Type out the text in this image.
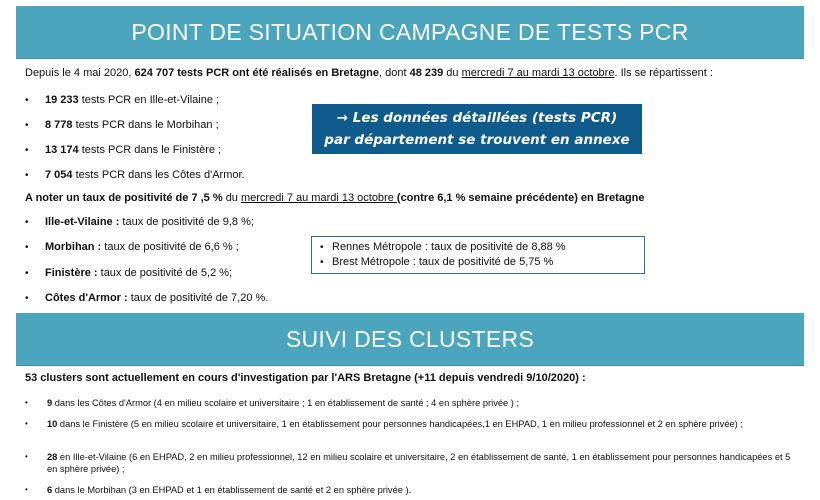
POINT DE SITUATION CAMPAGNE DE TESTS PCR
Depuis le 4 mai 2020, 624 707 tests PCR ont été réalisés en Bretagne, dont 48 239 du mercredi 7 au mardi 13 octobre. Ils se répartissent :
• 19 233 tests PCR en Ille-et-Vilaine ;
• 8 778 tests PCR dans le Morbihan ;
• 13 174 tests PCR dans le Finistère ;
• 7 054 tests PCR dans les Côtes d'Armor.
→ Les données détaillées (tests PCR)
par département se trouvent en annexe
A noter un taux de positivité de 7 ,5 % du mercredi 7 au mardi 13 octobre (contre 6,1 % semaine précédente) en Bretagne
• Ille-et-Vilaine : taux de positivité de 9,8 %;
• Morbihan : taux de positivité de 6,6 % ;
• Finistère : taux de positivité de 5,2 %;
• Côtes d'Armor : taux de positivité de 7,20 %.
• Rennes Métropole : taux de positivité de 8,88 %
• Brest Métropole : taux de positivité de 5,75 %
SUIVI DES CLUSTERS
53 clusters sont actuellement en cours d'investigation par l'ARS Bretagne (+11 depuis vendredi 9/10/2020) :
•	9 dans les Côtes d'Armor (4 en milieu scolaire et universitaire ; 1 en établissement de santé ; 4 en sphère privée ) ;
•	10 dans le Finistère (5 en milieu scolaire et universitaire, 1 en établissement pour personnes handicapées,1 en EHPAD, 1 en milieu professionnel et 2 en sphère privée) ;
•	28 en Ille-et-Vilaine (6 en EHPAD, 2 en milieu professionnel, 12 en milieu scolaire et universitaire, 2 en établissement de santé, 1 en établissement pour personnes handicapées et 5 en sphère privée) ;
•	6 dans le Morbihan (3 en EHPAD et 1 en établissement de santé et 2 en sphère privée ).
